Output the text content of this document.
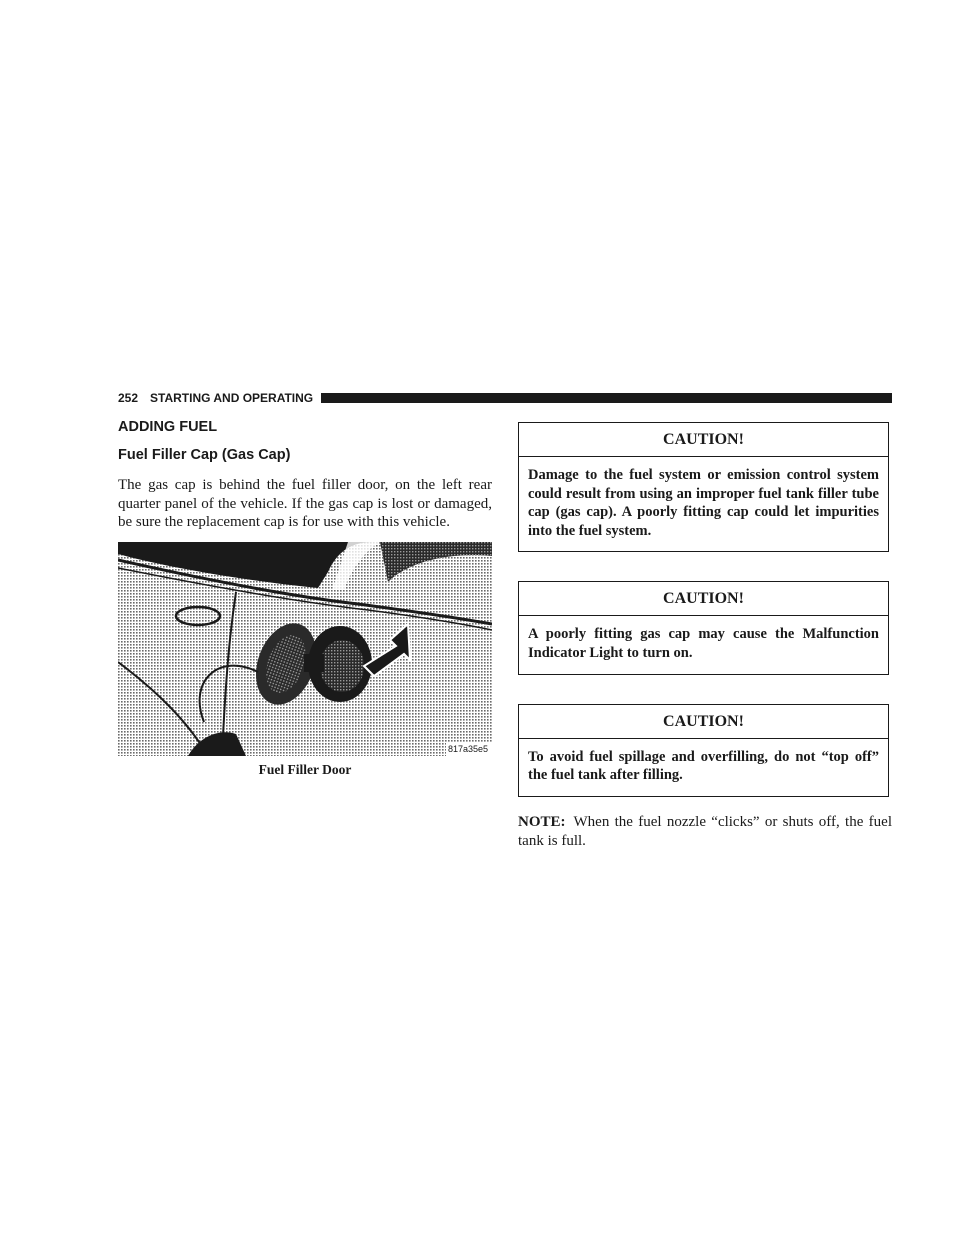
252 STARTING AND OPERATING
ADDING FUEL
Fuel Filler Cap (Gas Cap)

The gas cap is behind the fuel filler door, on the left rear quarter panel of the vehicle. If the gas cap is lost or damaged, be sure the replacement cap is for use with this vehicle.

817a35e5
Fuel Filler Door
CAUTION!
Damage to the fuel system or emission control system could result from using an improper fuel tank filler tube cap (gas cap). A poorly fitting cap could let impurities into the fuel system.
CAUTION!
A poorly fitting gas cap may cause the Malfunction Indicator Light to turn on.
CAUTION!
To avoid fuel spillage and overfilling, do not “top off” the fuel tank after filling.
NOTE: When the fuel nozzle “clicks” or shuts off, the fuel tank is full.
